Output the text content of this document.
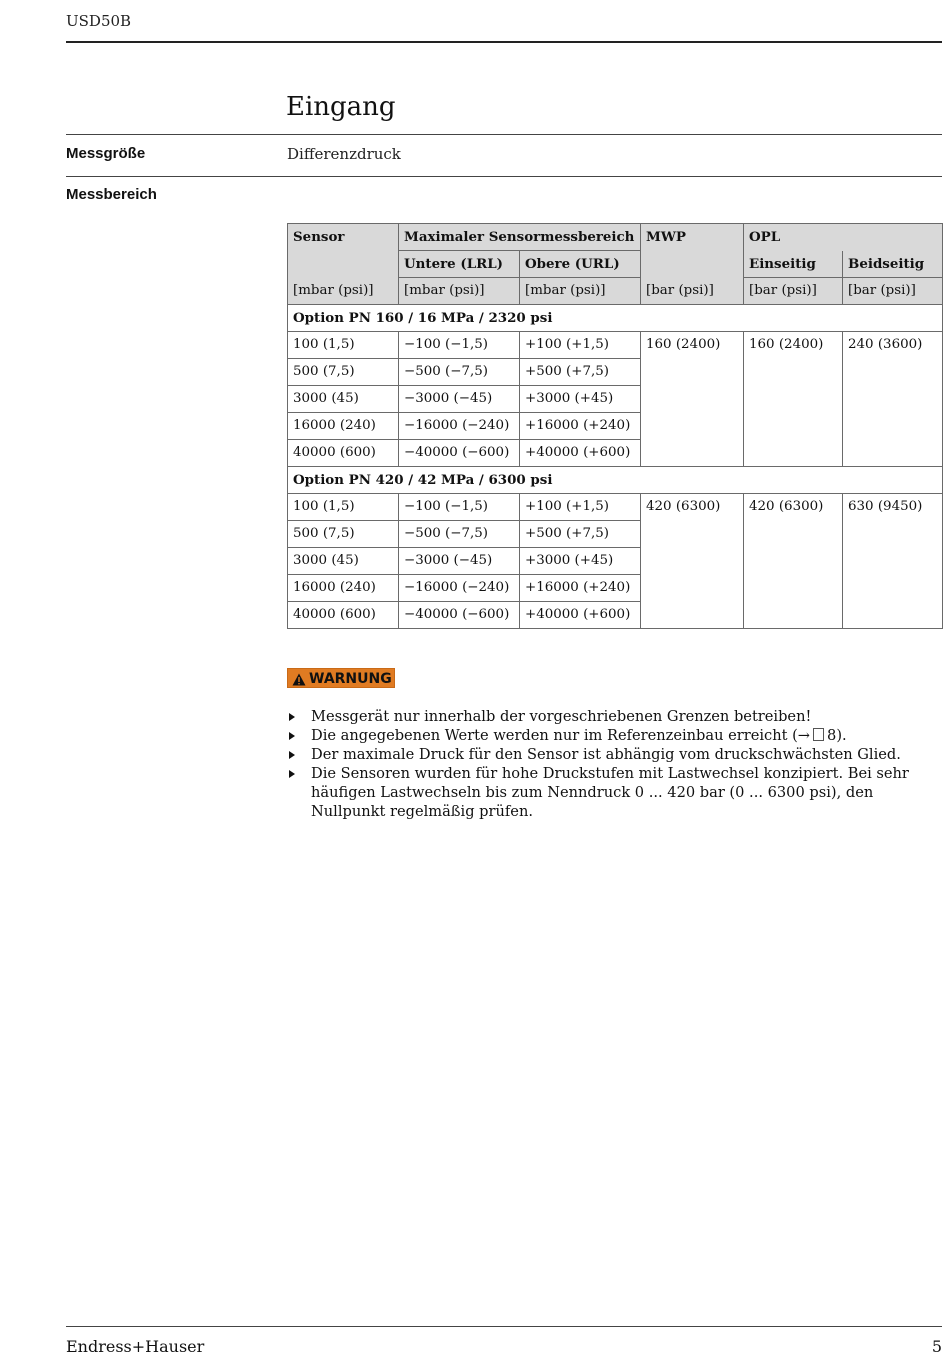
USD50B
Eingang
Messgröße	Differenzdruck
Messbereich
Sensor	Maximaler Sensormessbereich		MWP	OPL	
	Untere (LRL)	Obere (URL)		Einseitig	Beidseitig
[mbar (psi)]	[mbar (psi)]	[mbar (psi)]	[bar (psi)]	[bar (psi)]	[bar (psi)]
Option PN 160 / 16 MPa / 2320 psi					
100 (1,5)	−100 (−1,5)	+100 (+1,5)	160 (2400)	160 (2400)	240 (3600)
500 (7,5)	−500 (−7,5)	+500 (+7,5)			
3000 (45)	−3000 (−45)	+3000 (+45)			
16000 (240)	−16000 (−240)	+16000 (+240)			
40000 (600)	−40000 (−600)	+40000 (+600)			
Option PN 420 / 42 MPa / 6300 psi					
100 (1,5)	−100 (−1,5)	+100 (+1,5)	420 (6300)	420 (6300)	630 (9450)
500 (7,5)	−500 (−7,5)	+500 (+7,5)			
3000 (45)	−3000 (−45)	+3000 (+45)			
16000 (240)	−16000 (−240)	+16000 (+240)			
40000 (600)	−40000 (−600)	+40000 (+600)			
WARNUNG
Messgerät nur innerhalb der vorgeschriebenen Grenzen betreiben!
Die angegebenen Werte werden nur im Referenzeinbau erreicht (→ 8).
Der maximale Druck für den Sensor ist abhängig vom druckschwächsten Glied.
Die Sensoren wurden für hohe Druckstufen mit Lastwechsel konzipiert. Bei sehr häufigen Lastwechseln bis zum Nenndruck 0 ... 420 bar (0 ... 6300 psi), den Nullpunkt regelmäßig prüfen.
Endress+Hauser	5
